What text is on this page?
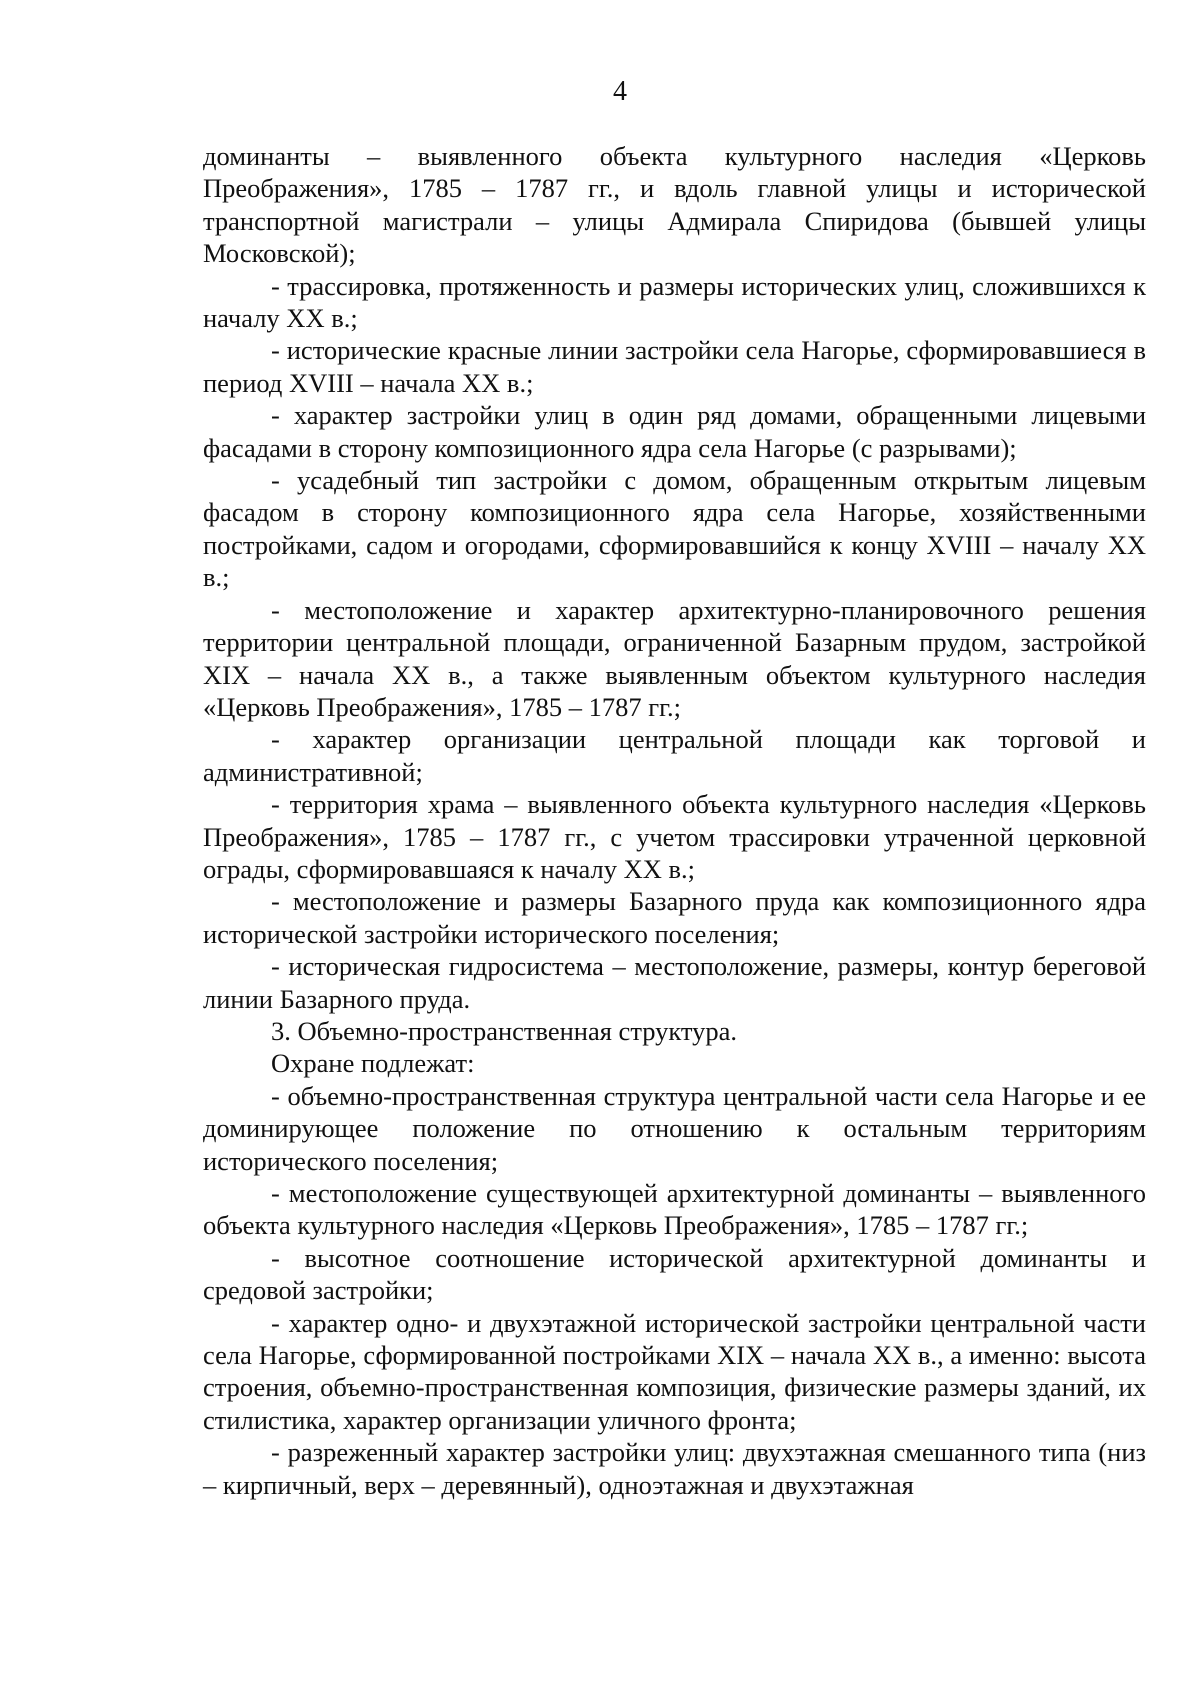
4

доминанты – выявленного объекта культурного наследия «Церковь Преображения», 1785 – 1787 гг., и вдоль главной улицы и исторической транспортной магистрали – улицы Адмирала Спиридова (бывшей улицы Московской);

- трассировка, протяженность и размеры исторических улиц, сложившихся к началу XX в.;

- исторические красные линии застройки села Нагорье, сформировавшиеся в период XVIII – начала XX в.;

- характер застройки улиц в один ряд домами, обращенными лицевыми фасадами в сторону композиционного ядра села Нагорье (с разрывами);

- усадебный тип застройки с домом, обращенным открытым лицевым фасадом в сторону композиционного ядра села Нагорье, хозяйственными постройками, садом и огородами, сформировавшийся к концу XVIII – началу XX в.;

- местоположение и характер архитектурно-планировочного решения территории центральной площади, ограниченной Базарным прудом, застройкой XIX – начала XX в., а также выявленным объектом культурного наследия «Церковь Преображения», 1785 – 1787 гг.;

- характер организации центральной площади как торговой и административной;

- территория храма – выявленного объекта культурного наследия «Церковь Преображения», 1785 – 1787 гг., с учетом трассировки утраченной церковной ограды, сформировавшаяся к началу XX в.;

- местоположение и размеры Базарного пруда как композиционного ядра исторической застройки исторического поселения;

- историческая гидросистема – местоположение, размеры, контур береговой линии Базарного пруда.

3. Объемно-пространственная структура.

Охране подлежат:

- объемно-пространственная структура центральной части села Нагорье и ее доминирующее положение по отношению к остальным территориям исторического поселения;

- местоположение существующей архитектурной доминанты – выявленного объекта культурного наследия «Церковь Преображения», 1785 – 1787 гг.;

- высотное соотношение исторической архитектурной доминанты и средовой застройки;

- характер одно- и двухэтажной исторической застройки центральной части села Нагорье, сформированной постройками XIX – начала XX в., а именно: высота строения, объемно-пространственная композиция, физические размеры зданий, их стилистика, характер организации уличного фронта;

- разреженный характер застройки улиц: двухэтажная смешанного типа (низ – кирпичный, верх – деревянный), одноэтажная и двухэтажная
